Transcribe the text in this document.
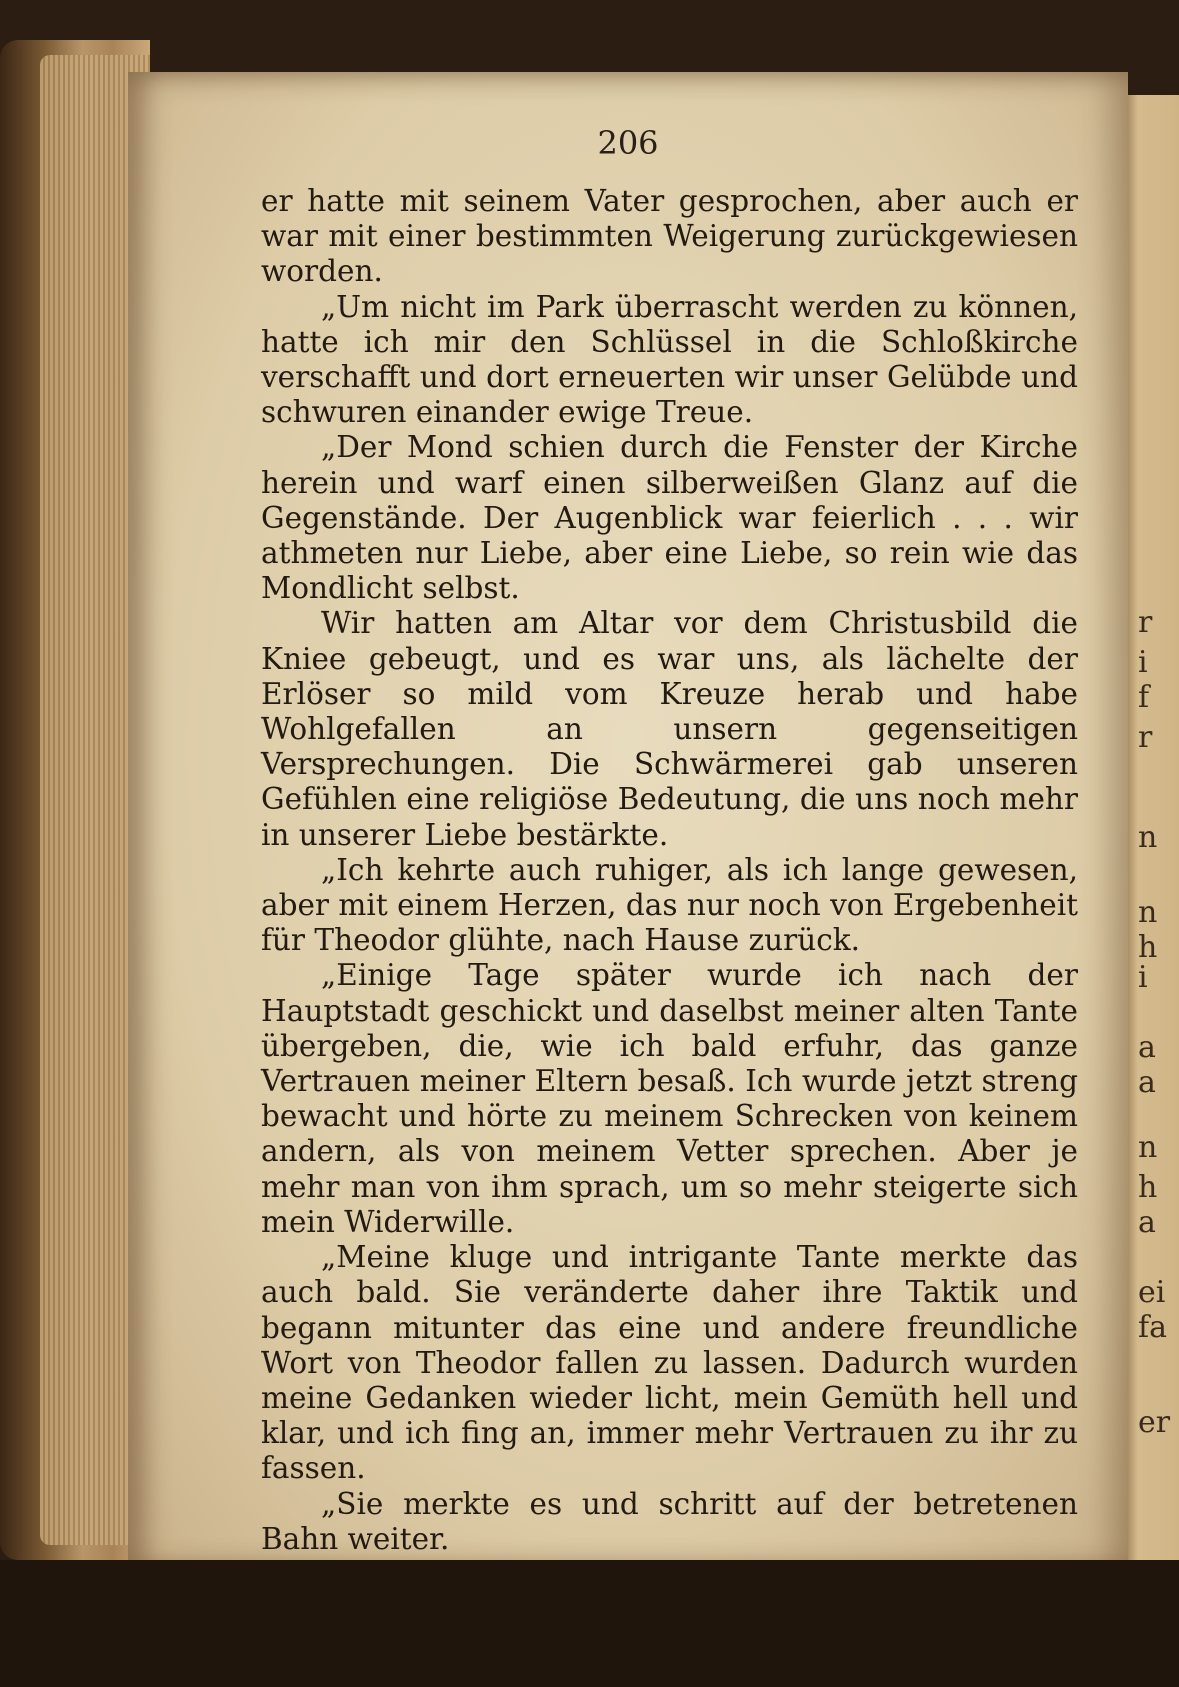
r
i
f
r
n
n
h
i
a
a
n
h
a
ei
fa
er
206

er hatte mit seinem Vater gesprochen, aber auch er war mit einer bestimmten Weigerung zurückgewiesen worden.

„Um nicht im Park überrascht werden zu können, hatte ich mir den Schlüssel in die Schloßkirche verschafft und dort erneuerten wir unser Gelübde und schwuren einander ewige Treue.

„Der Mond schien durch die Fenster der Kirche herein und warf einen silberweißen Glanz auf die Gegenstände. Der Augenblick war feierlich . . . wir athmeten nur Liebe, aber eine Liebe, so rein wie das Mondlicht selbst.

Wir hatten am Altar vor dem Christusbild die Kniee gebeugt, und es war uns, als lächelte der Erlöser so mild vom Kreuze herab und habe Wohlgefallen an unsern gegenseitigen Versprechungen. Die Schwärmerei gab unseren Gefühlen eine religiöse Bedeutung, die uns noch mehr in unserer Liebe bestärkte.

„Ich kehrte auch ruhiger, als ich lange gewesen, aber mit einem Herzen, das nur noch von Ergebenheit für Theodor glühte, nach Hause zurück.

„Einige Tage später wurde ich nach der Hauptstadt geschickt und daselbst meiner alten Tante übergeben, die, wie ich bald erfuhr, das ganze Vertrauen meiner Eltern besaß. Ich wurde jetzt streng bewacht und hörte zu meinem Schrecken von keinem andern, als von meinem Vetter sprechen. Aber je mehr man von ihm sprach, um so mehr steigerte sich mein Widerwille.

„Meine kluge und intrigante Tante merkte das auch bald. Sie veränderte daher ihre Taktik und begann mitunter das eine und andere freundliche Wort von Theodor fallen zu lassen. Dadurch wurden meine Gedanken wieder licht, mein Gemüth hell und klar, und ich fing an, immer mehr Vertrauen zu ihr zu fassen.

„Sie merkte es und schritt auf der betretenen Bahn weiter.
